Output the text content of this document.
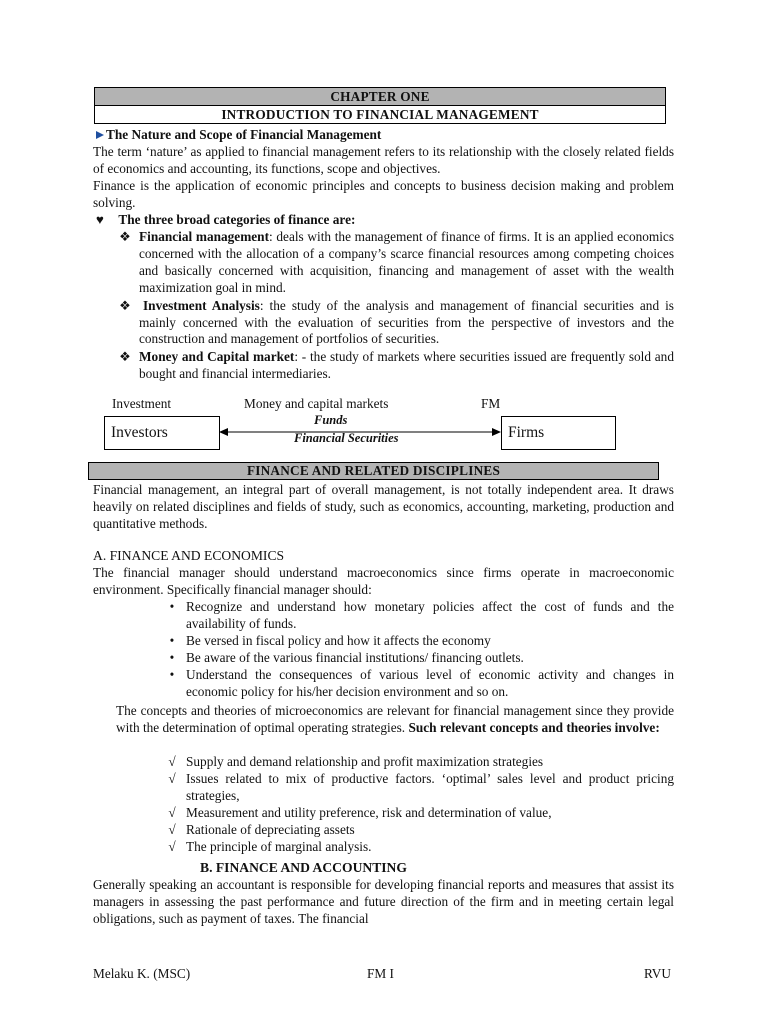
CHAPTER ONE
INTRODUCTION TO FINANCIAL MANAGEMENT
The Nature and Scope of Financial Management
The term ‘nature’ as applied to financial management refers to its relationship with the closely related fields of economics and accounting, its functions, scope and objectives.
Finance is the application of economic principles and concepts to business decision making and problem solving.
♥ The three broad categories of finance are:
❖ Financial management: deals with the management of finance of firms. It is an applied economics concerned with the allocation of a company’s scarce financial resources among competing choices and basically concerned with acquisition, financing and management of asset with the wealth maximization goal in mind.
❖ Investment Analysis: the study of the analysis and management of financial securities and is mainly concerned with the evaluation of securities from the perspective of investors and the construction and management of portfolios of securities.
❖ Money and Capital market: - the study of markets where securities issued are frequently sold and bought and financial intermediaries.
Investment	Money and capital markets	FM
Investors	Firms
Funds
Financial Securities
FINANCE AND RELATED DISCIPLINES
Financial management, an integral part of overall management, is not totally independent area. It draws heavily on related disciplines and fields of study, such as economics, accounting, marketing, production and quantitative methods.
A. FINANCE AND ECONOMICS
The financial manager should understand macroeconomics since firms operate in macroeconomic environment. Specifically financial manager should:
• Recognize and understand how monetary policies affect the cost of funds and the availability of funds.
• Be versed in fiscal policy and how it affects the economy
• Be aware of the various financial institutions/ financing outlets.
• Understand the consequences of various level of economic activity and changes in economic policy for his/her decision environment and so on.
The concepts and theories of microeconomics are relevant for financial management since they provide with the determination of optimal operating strategies. Such relevant concepts and theories involve:
√ Supply and demand relationship and profit maximization strategies
√ Issues related to mix of productive factors. ‘optimal’ sales level and product pricing strategies,
√ Measurement and utility preference, risk and determination of value,
√ Rationale of depreciating assets
√ The principle of marginal analysis.
B. FINANCE AND ACCOUNTING
Generally speaking an accountant is responsible for developing financial reports and measures that assist its managers in assessing the past performance and future direction of the firm and in meeting certain legal obligations, such as payment of taxes. The financial
Melaku K. (MSC)	FM I	RVU
